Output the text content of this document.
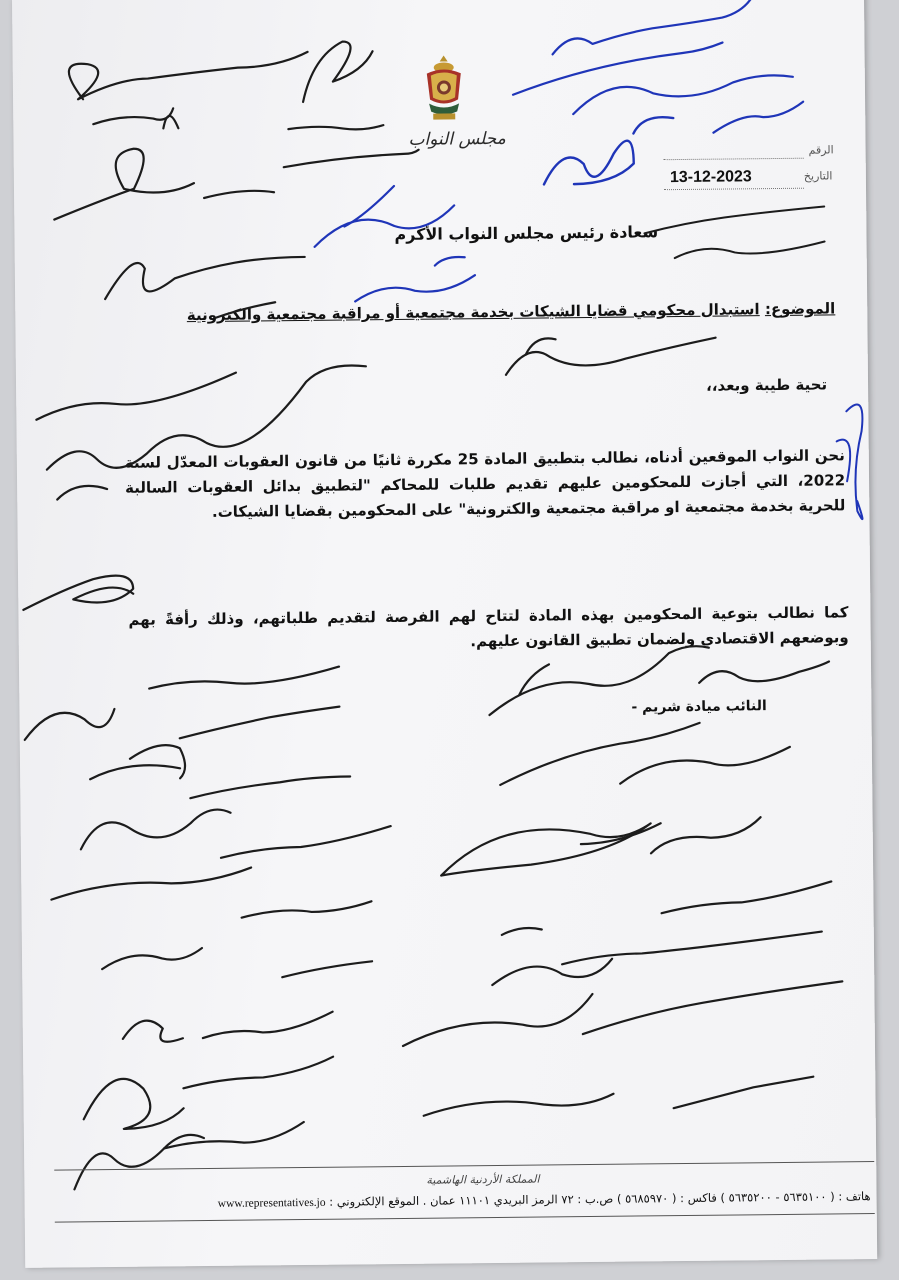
مجلس النواب
الرقم
التاريخ
13-12-2023
سعادة رئيس مجلس النواب الأكرم
الموضوع: استبدال محكومي قضايا الشيكات بخدمة مجتمعية أو مراقبة مجتمعية والكترونية
تحية طيبة وبعد،،
نحن النواب الموقعين أدناه، نطالب بتطبيق المادة 25 مكررة ثانيًا من قانون العقوبات المعدّل لسنة 2022، التي أجازت للمحكومين عليهم تقديم طلبات للمحاكم "لتطبيق بدائل العقوبات السالبة للحرية بخدمة مجتمعية او مراقبة مجتمعية والكترونية" على المحكومين بقضايا الشيكات.
كما نطالب بتوعية المحكومين بهذه المادة لتتاح لهم الفرصة لتقديم طلباتهم، وذلك رأفةً بهم وبوضعهم الاقتصادي ولضمان تطبيق القانون عليهم.
النائب ميادة شريم -
المملكة الأردنية الهاشمية
هاتف : ( ٥٦٣٥١٠٠ - ٥٦٣٥٢٠٠ ) فاكس : ( ٥٦٨٥٩٧٠ ) ص.ب : ٧٢ الرمز البريدي ١١١٠١ عمان . الموقع الإلكتروني : www.representatives.jo
